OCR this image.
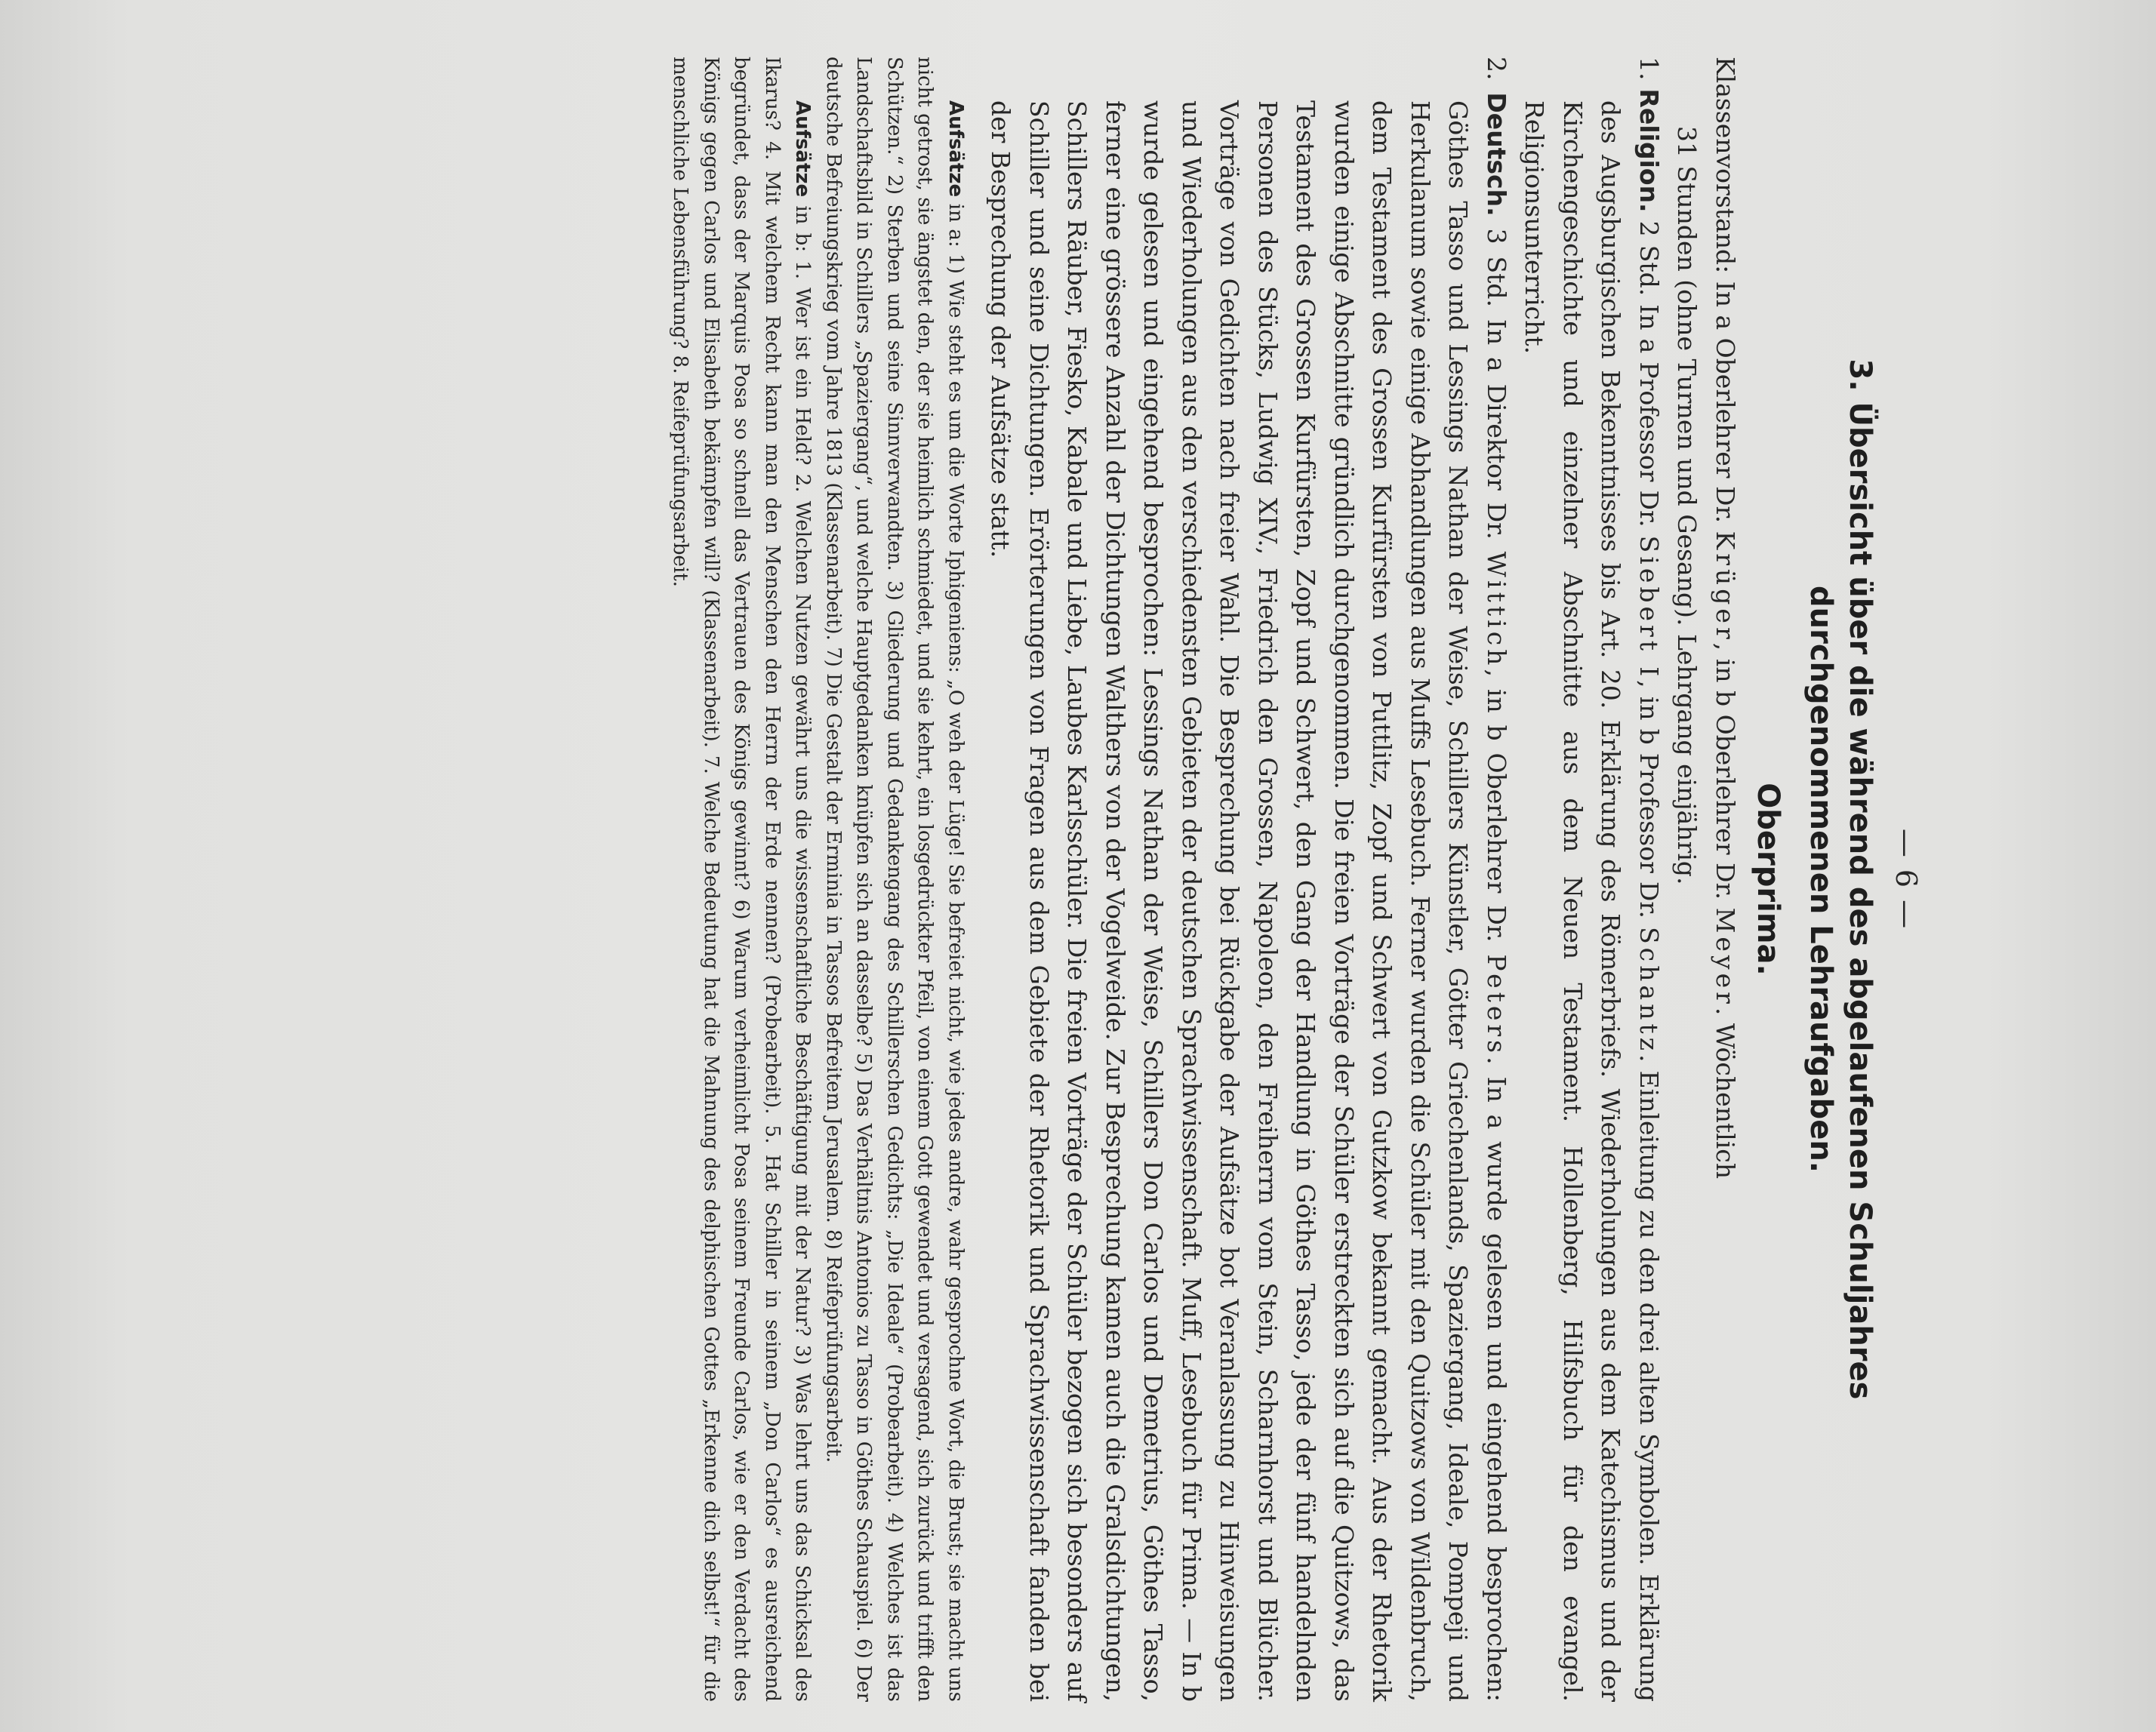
— 6 —
3. Übersicht über die während des abgelaufenen Schuljahres
durchgenommenen Lehraufgaben.
Oberprima.

Klassenvorstand: In a Oberlehrer Dr. Krüger, in b Oberlehrer Dr. Meyer. Wöchentlich

31 Stunden (ohne Turnen und Gesang). Lehrgang einjährig.

1. Religion. 2 Std. In a Professor Dr. Siebert I, in b Professor Dr. Schantz. Einleitung zu den drei alten Symbolen. Erklärung des Augsburgischen Bekenntnisses bis Art. 20. Erklärung des Römerbriefs. Wiederholungen aus dem Katechismus und der Kirchengeschichte und einzelner Abschnitte aus dem Neuen Testament. Hollenberg, Hilfsbuch für den evangel. Religionsunterricht.

2. Deutsch. 3 Std. In a Direktor Dr. Wittich, in b Oberlehrer Dr. Peters. In a wurde gelesen und eingehend besprochen: Göthes Tasso und Lessings Nathan der Weise, Schillers Künstler, Götter Griechenlands, Spaziergang, Ideale, Pompeji und Herkulanum sowie einige Abhandlungen aus Muffs Lesebuch. Ferner wurden die Schüler mit den Quitzows von Wildenbruch, dem Testament des Grossen Kurfürsten von Puttlitz, Zopf und Schwert von Gutzkow bekannt gemacht. Aus der Rhetorik wurden einige Abschnitte gründlich durchgenommen. Die freien Vorträge der Schüler erstreckten sich auf die Quitzows, das Testament des Grossen Kurfürsten, Zopf und Schwert, den Gang der Handlung in Göthes Tasso, jede der fünf handelnden Personen des Stücks, Ludwig XIV., Friedrich den Grossen, Napoleon, den Freiherrn vom Stein, Scharnhorst und Blücher. Vorträge von Gedichten nach freier Wahl. Die Besprechung bei Rückgabe der Aufsätze bot Veranlassung zu Hinweisungen und Wiederholungen aus den verschiedensten Gebieten der deutschen Sprachwissenschaft. Muff, Lesebuch für Prima. — In b wurde gelesen und eingehend besprochen: Lessings Nathan der Weise, Schillers Don Carlos und Demetrius, Göthes Tasso, ferner eine grössere Anzahl der Dichtungen Walthers von der Vogelweide. Zur Besprechung kamen auch die Gralsdichtungen, Schillers Räuber, Fiesko, Kabale und Liebe, Laubes Karlsschüler. Die freien Vorträge der Schüler bezogen sich besonders auf Schiller und seine Dichtungen. Erörterungen von Fragen aus dem Gebiete der Rhetorik und Sprachwissenschaft fanden bei der Besprechung der Aufsätze statt.

Aufsätze in a: 1) Wie steht es um die Worte Iphigeniens: „O weh der Lüge! Sie befreiet nicht, wie jedes andre, wahr gesprochne Wort, die Brust; sie macht uns nicht getrost, sie ängstet den, der sie heimlich schmiedet, und sie kehrt, ein losgedrückter Pfeil, von einem Gott gewendet und versagend, sich zurück und trifft den Schützen.“ 2) Sterben und seine Sinnverwandten. 3) Gliederung und Gedankengang des Schillerschen Gedichts: „Die Ideale“ (Probearbeit). 4) Welches ist das Landschaftsbild in Schillers „Spaziergang“, und welche Hauptgedanken knüpfen sich an dasselbe? 5) Das Verhältnis Antonios zu Tasso in Göthes Schauspiel. 6) Der deutsche Befreiungskrieg vom Jahre 1813 (Klassenarbeit). 7) Die Gestalt der Erminia in Tassos Befreitem Jerusalem. 8) Reifeprüfungsarbeit.

Aufsätze in b: 1. Wer ist ein Held? 2. Welchen Nutzen gewährt uns die wissenschaftliche Beschäftigung mit der Natur? 3) Was lehrt uns das Schicksal des Ikarus? 4. Mit welchem Recht kann man den Menschen den Herrn der Erde nennen? (Probearbeit). 5. Hat Schiller in seinem „Don Carlos“ es ausreichend begründet, dass der Marquis Posa so schnell das Vertrauen des Königs gewinnt? 6) Warum verheimlicht Posa seinem Freunde Carlos, wie er den Verdacht des Königs gegen Carlos und Elisabeth bekämpfen will? (Klassenarbeit). 7. Welche Bedeutung hat die Mahnung des delphischen Gottes „Erkenne dich selbst!“ für die menschliche Lebensführung? 8. Reifeprüfungsarbeit.
